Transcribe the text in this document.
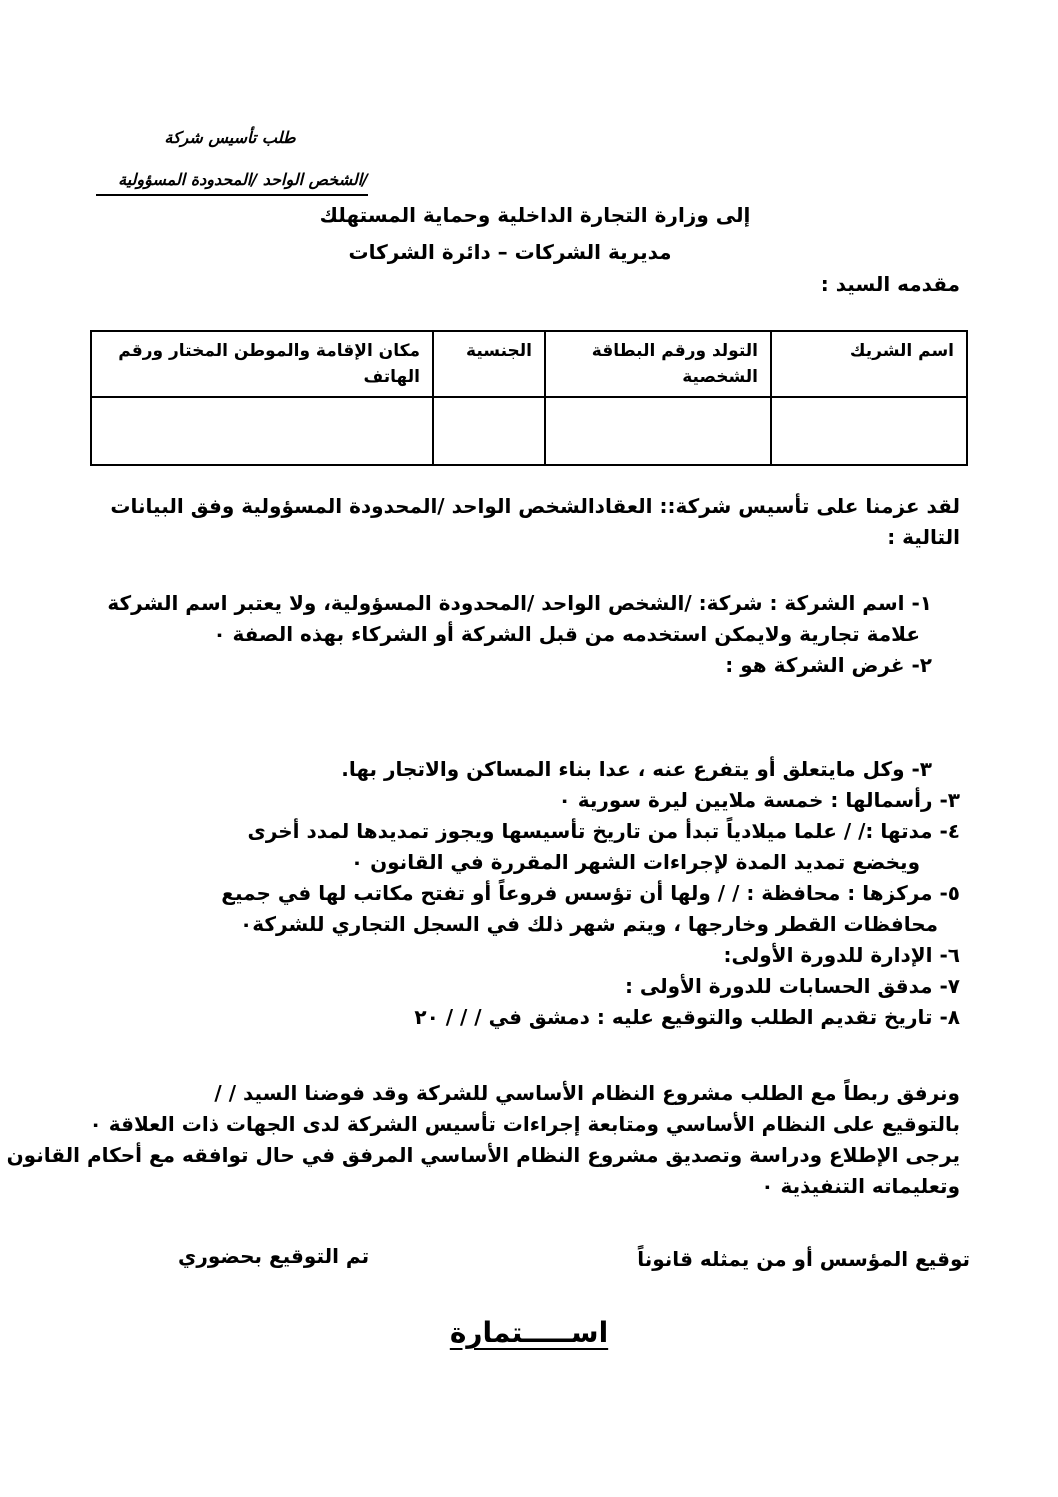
طلب تأسيس شركة
/الشخص الواحد /المحدودة المسؤولية
إلى وزارة التجارة الداخلية وحماية المستهلك
مديرية الشركات – دائرة الشركات
مقدمه السيد :
اسم الشريك	التولد ورقم البطاقة الشخصية	الجنسية	مكان الإقامة والموطن المختار ورقم الهاتف

لقد عزمنا على تأسيس شركة:: العقادالشخص الواحد /المحدودة المسؤولية وفق البيانات
التالية :
١- اسم الشركة : شركة: /الشخص الواحد /المحدودة المسؤولية، ولا يعتبر اسم الشركة
علامة تجارية ولايمكن استخدمه من قبل الشركة أو الشركاء بهذه الصفة ٠
٢- غرض الشركة هو :
٣- وكل مايتعلق أو يتفرع عنه ، عدا بناء المساكن والاتجار بها.
٣- رأسمالها : خمسة ملايين ليرة سورية ٠
٤- مدتها :/ / علما ميلادياً تبدأ من تاريخ تأسيسها ويجوز تمديدها لمدد أخرى
ويخضع تمديد المدة لإجراءات الشهر المقررة في القانون ٠
٥- مركزها : محافظة : / / ولها أن تؤسس فروعاً أو تفتح مكاتب لها في جميع
محافظات القطر وخارجها ، ويتم شهر ذلك في السجل التجاري للشركة٠
٦- الإدارة للدورة الأولى:
٧- مدقق الحسابات للدورة الأولى :
٨- تاريخ تقديم الطلب والتوقيع عليه : دمشق في / / / ٢٠
ونرفق ربطاً مع الطلب مشروع النظام الأساسي للشركة وقد فوضنا السيد / /
بالتوقيع على النظام الأساسي ومتابعة إجراءات تأسيس الشركة لدى الجهات ذات العلاقة ٠
يرجى الإطلاع ودراسة وتصديق مشروع النظام الأساسي المرفق في حال توافقه مع أحكام القانون
وتعليماته التنفيذية ٠
توقيع المؤسس أو من يمثله قانوناً
تم التوقيع بحضوري
اســـــتمارة
